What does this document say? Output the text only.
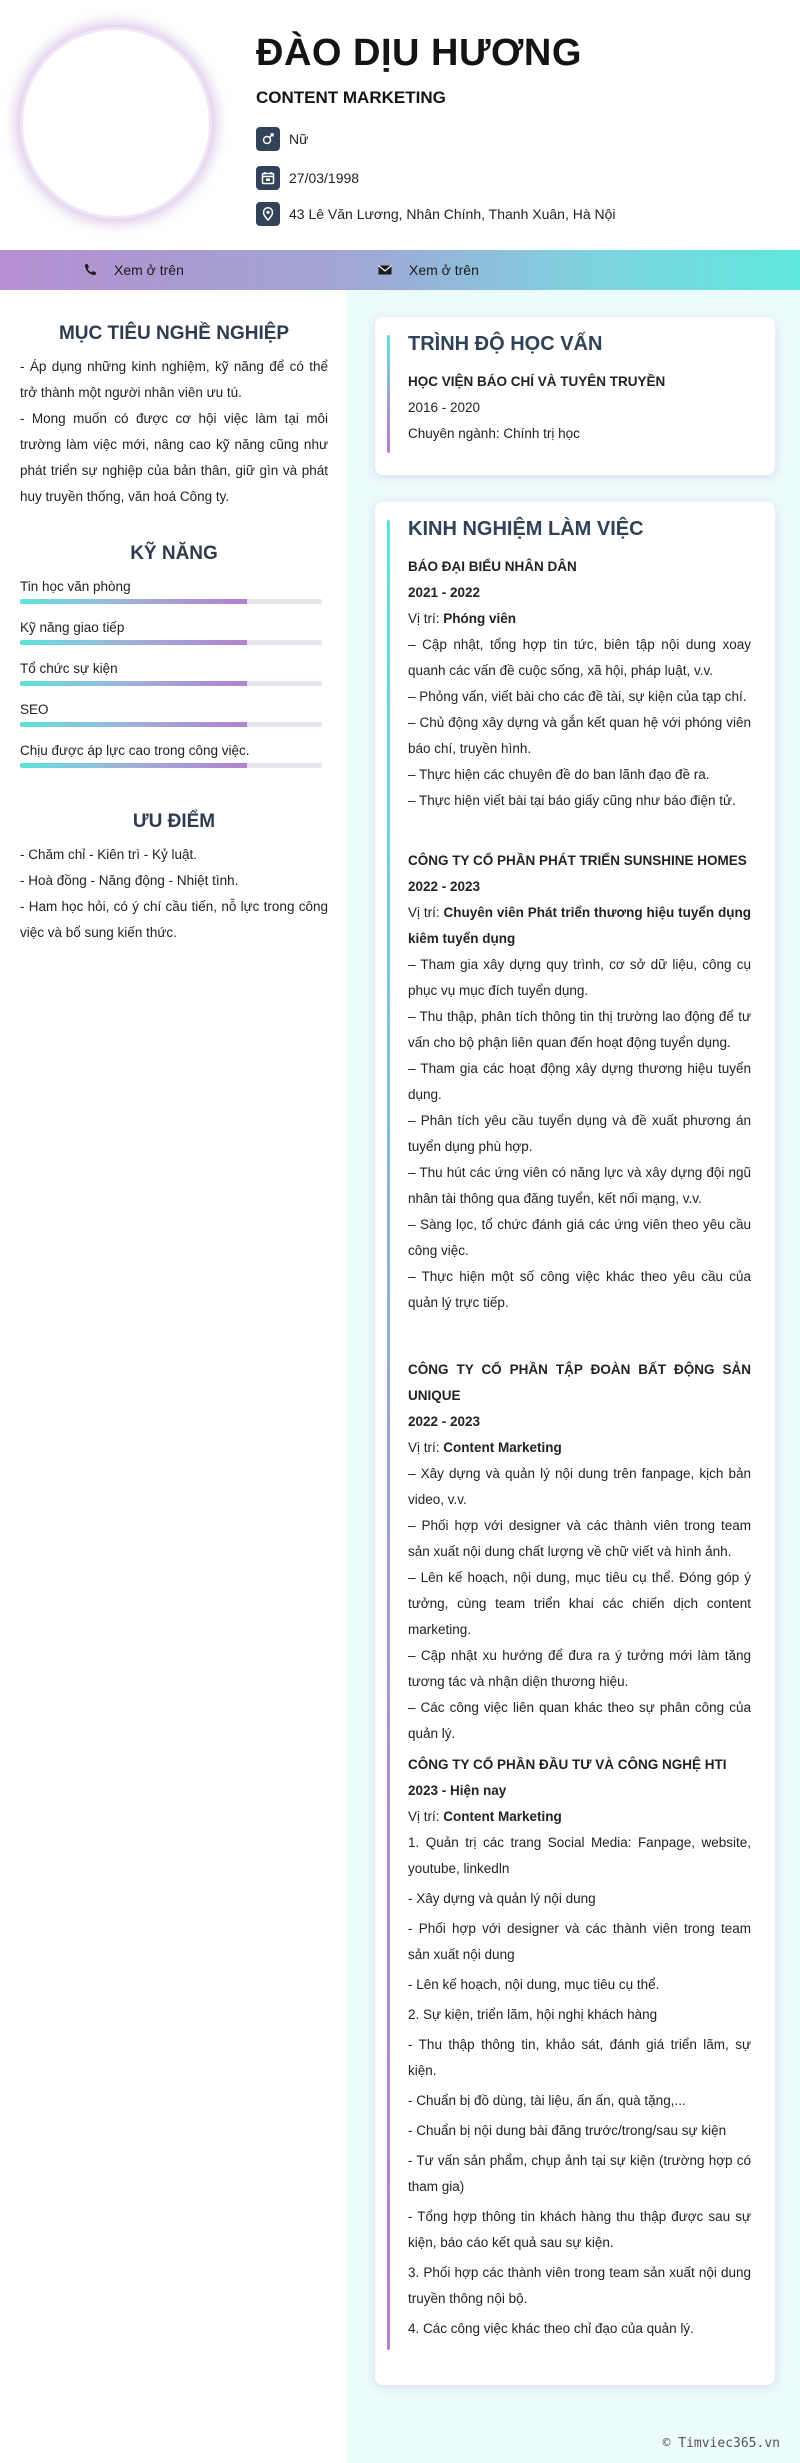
ĐÀO DỊU HƯƠNG
CONTENT MARKETING
Nữ
27/03/1998
43 Lê Văn Lương, Nhân Chính, Thanh Xuân, Hà Nội
Xem ở trên	Xem ở trên
MỤC TIÊU NGHỀ NGHIỆP

- Áp dụng những kinh nghiệm, kỹ năng để có thể trở thành một người nhân viên ưu tú.

- Mong muốn có được cơ hội việc làm tại môi trường làm việc mới, nâng cao kỹ năng cũng như phát triển sự nghiệp của bản thân, giữ gìn và phát huy truyền thống, văn hoá Công ty.

KỸ NĂNG
Tin học văn phòng
Kỹ năng giao tiếp
Tổ chức sự kiện
SEO
Chịu được áp lực cao trong công việc.
ƯU ĐIỂM

- Chăm chỉ - Kiên trì - Kỷ luật.

- Hoà đồng - Năng động - Nhiệt tình.

- Ham học hỏi, có ý chí cầu tiến, nỗ lực trong công việc và bổ sung kiến thức.

TRÌNH ĐỘ HỌC VẤN

HỌC VIỆN BÁO CHÍ VÀ TUYÊN TRUYỀN

2016 - 2020

Chuyên ngành: Chính trị học

KINH NGHIỆM LÀM VIỆC

BÁO ĐẠI BIỂU NHÂN DÂN

2021 - 2022

Vị trí: Phóng viên

– Cập nhật, tổng hợp tin tức, biên tập nội dung xoay quanh các vấn đề cuộc sống, xã hội, pháp luật, v.v.

– Phỏng vấn, viết bài cho các đề tài, sự kiện của tạp chí.

– Chủ động xây dựng và gắn kết quan hệ với phóng viên báo chí, truyền hình.

– Thực hiện các chuyên đề do ban lãnh đạo đề ra.

– Thực hiện viết bài tại báo giấy cũng như báo điện tử.

CÔNG TY CỔ PHẦN PHÁT TRIỂN SUNSHINE HOMES

2022 - 2023

Vị trí: Chuyên viên Phát triển thương hiệu tuyển dụng kiêm tuyển dụng

– Tham gia xây dựng quy trình, cơ sở dữ liệu, công cụ phục vụ mục đích tuyển dụng.

– Thu thập, phân tích thông tin thị trường lao động để tư vấn cho bộ phận liên quan đến hoạt động tuyển dụng.

– Tham gia các hoạt động xây dựng thương hiệu tuyển dụng.

– Phân tích yêu cầu tuyển dụng và đề xuất phương án tuyển dụng phù hợp.

– Thu hút các ứng viên có năng lực và xây dựng đội ngũ nhân tài thông qua đăng tuyển, kết nối mạng, v.v.

– Sàng lọc, tổ chức đánh giá các ứng viên theo yêu cầu công việc.

– Thực hiện một số công việc khác theo yêu cầu của quản lý trực tiếp.

CÔNG TY CỔ PHẦN TẬP ĐOÀN BẤT ĐỘNG SẢN UNIQUE

2022 - 2023

Vị trí: Content Marketing

– Xây dựng và quản lý nội dung trên fanpage, kịch bản video, v.v.

– Phối hợp với designer và các thành viên trong team sản xuất nội dung chất lượng về chữ viết và hình ảnh.

– Lên kế hoạch, nội dung, mục tiêu cụ thể. Đóng góp ý tưởng, cùng team triển khai các chiến dịch content marketing.

– Cập nhật xu hướng để đưa ra ý tưởng mới làm tăng tương tác và nhận diện thương hiệu.

– Các công việc liên quan khác theo sự phân công của quản lý.

CÔNG TY CỔ PHẦN ĐẦU TƯ VÀ CÔNG NGHỆ HTI

2023 - Hiện nay

Vị trí: Content Marketing

1. Quản trị các trang Social Media: Fanpage, website, youtube, linkedln

- Xây dựng và quản lý nội dung

- Phối hợp với designer và các thành viên trong team sản xuất nội dung

- Lên kế hoạch, nội dung, mục tiêu cụ thể.

2. Sự kiện, triển lãm, hội nghị khách hàng

- Thu thập thông tin, khảo sát, đánh giá triển lãm, sự kiện.

- Chuẩn bị đồ dùng, tài liệu, ấn ấn, quà tặng,...

- Chuẩn bị nội dung bài đăng trước/trong/sau sự kiện

- Tư vấn sản phẩm, chụp ảnh tại sự kiện (trường hợp có tham gia)

- Tổng hợp thông tin khách hàng thu thập được sau sự kiện, báo cáo kết quả sau sự kiện.

3. Phối hợp các thành viên trong team sản xuất nội dung truyền thông nội bộ.

4. Các công việc khác theo chỉ đạo của quản lý.

© Timviec365.vn
